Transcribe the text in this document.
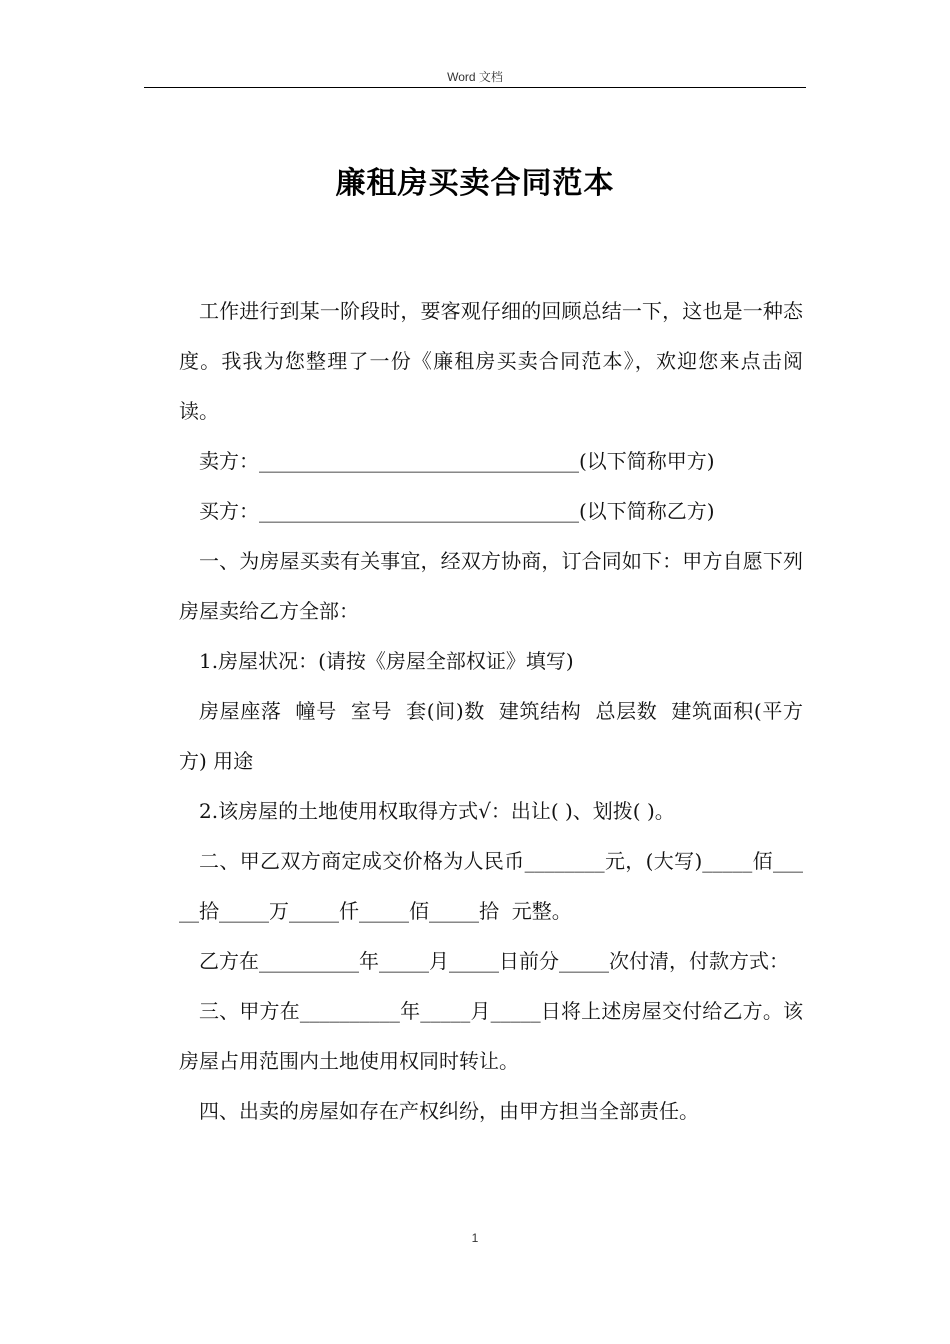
Word 文档
廉租房买卖合同范本

工作进行到某一阶段时，要客观仔细的回顾总结一下，这也是一种态度。我我为您整理了一份《廉租房买卖合同范本》，欢迎您来点击阅读。

卖方：________________________________(以下简称甲方)

买方：________________________________(以下简称乙方)

一、为房屋买卖有关事宜，经双方协商，订合同如下：甲方自愿下列房屋卖给乙方全部：

1.房屋状况：(请按《房屋全部权证》填写)

房屋座落  幢号  室号  套(间)数  建筑结构  总层数  建筑面积(平方方) 用途

2.该房屋的土地使用权取得方式√：出让( )、划拨( )。

二、甲乙双方商定成交价格为人民币________元，(大写)_____佰_____拾_____万_____仟_____佰_____拾  元整。

乙方在__________年_____月_____日前分_____次付清，付款方式：

三、甲方在__________年_____月_____日将上述房屋交付给乙方。该房屋占用范围内土地使用权同时转让。

四、出卖的房屋如存在产权纠纷，由甲方担当全部责任。

1
